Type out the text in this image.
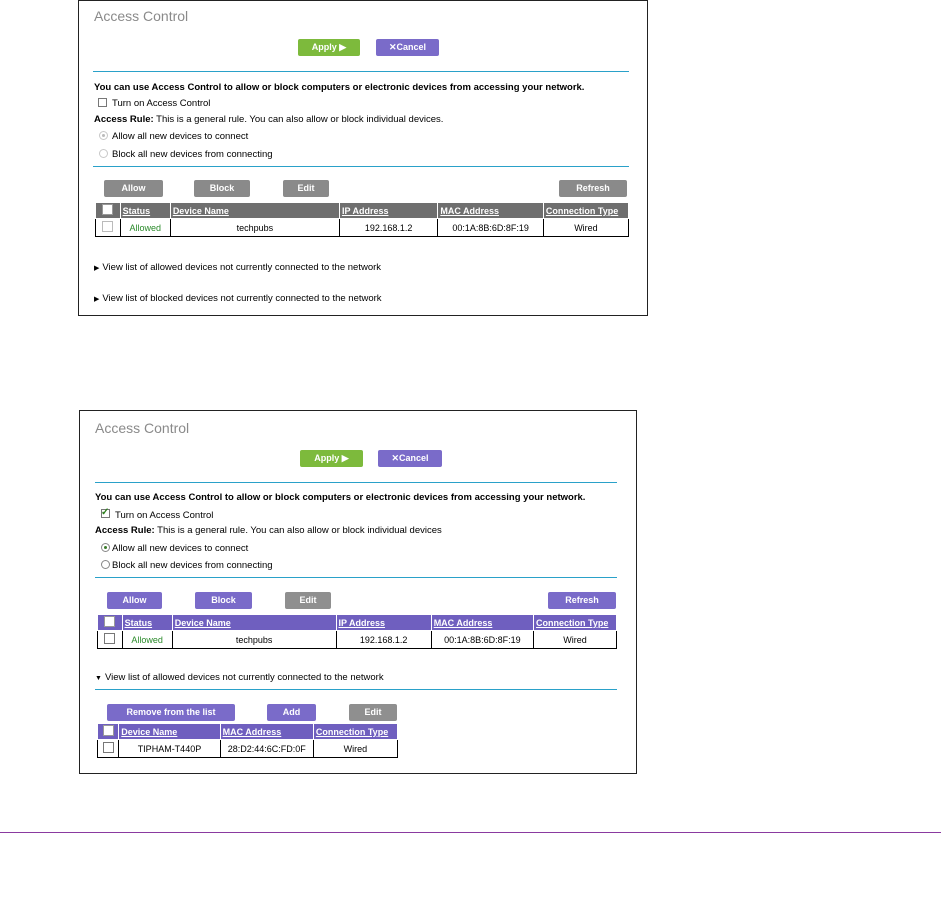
Access Control
Apply ▶	✕Cancel
You can use Access Control to allow or block computers or electronic devices from accessing your network.
Turn on Access Control
Access Rule: This is a general rule. You can also allow or block individual devices.
Allow all new devices to connect
Block all new devices from connecting
Allow	Block	Edit	Refresh
	Status	Device Name	IP Address	MAC Address	Connection Type
	Allowed	techpubs	192.168.1.2	00:1A:8B:6D:8F:19	Wired
▶ View list of allowed devices not currently connected to the network
▶ View list of blocked devices not currently connected to the network
Access Control
Apply ▶	✕Cancel
You can use Access Control to allow or block computers or electronic devices from accessing your network.
✓
Turn on Access Control
Access Rule: This is a general rule. You can also allow or block individual devices
Allow all new devices to connect
Block all new devices from connecting
Allow	Block	Edit	Refresh
	Status	Device Name	IP Address	MAC Address	Connection Type
	Allowed	techpubs	192.168.1.2	00:1A:8B:6D:8F:19	Wired
▼ View list of allowed devices not currently connected to the network
Remove from the list	Add	Edit
	Device Name	MAC Address	Connection Type
	TIPHAM-T440P	28:D2:44:6C:FD:0F	Wired
